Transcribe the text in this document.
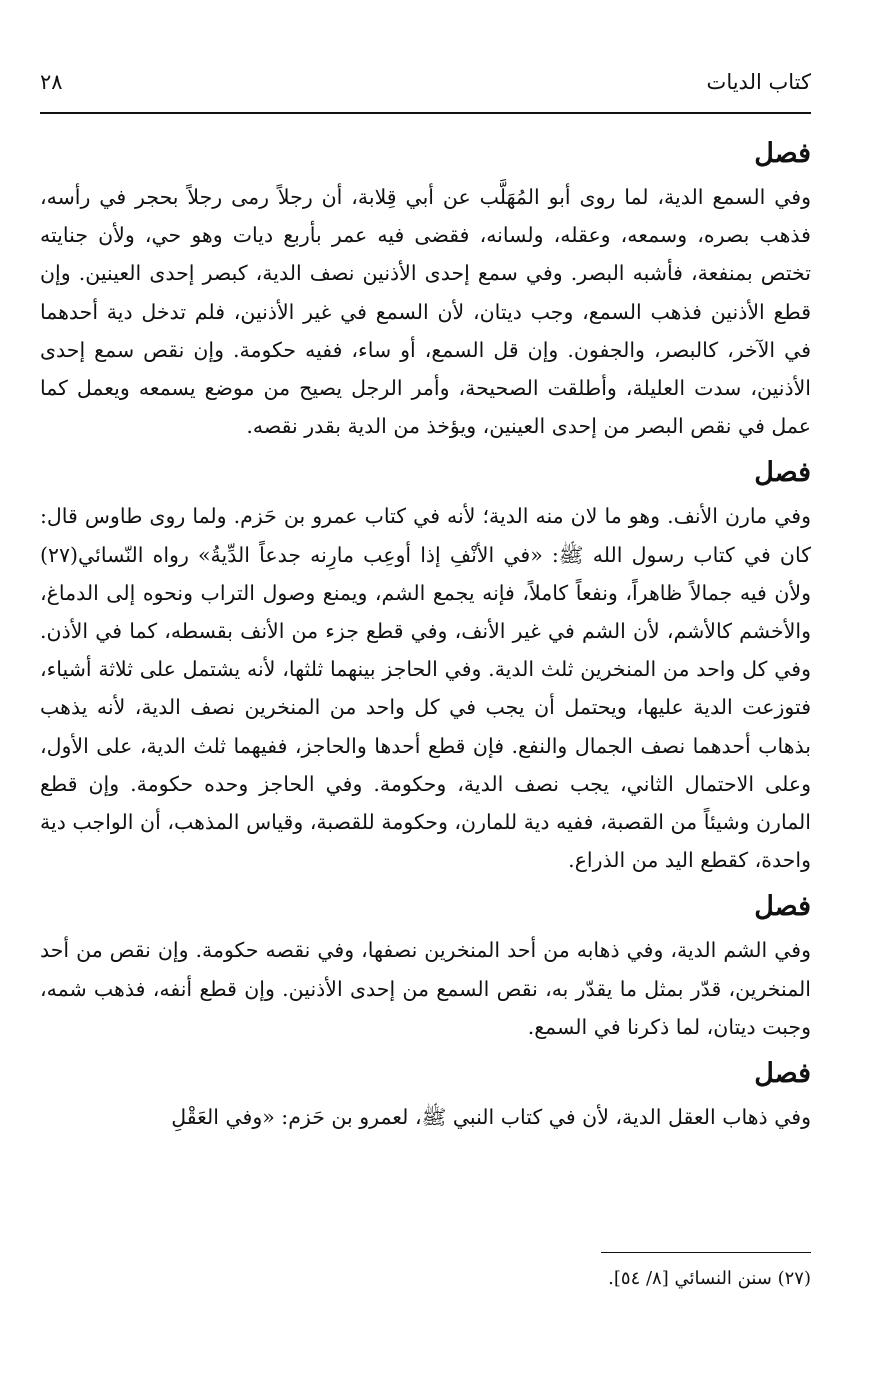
كتاب الديات
٢٨
فصل

وفي السمع الدية، لما روى أبو المُهَلَّب عن أبي قِلابة، أن رجلاً رمى رجلاً بحجر في رأسه، فذهب بصره، وسمعه، وعقله، ولسانه، فقضى فيه عمر بأربع ديات وهو حي، ولأن جنايته تختص بمنفعة، فأشبه البصر. وفي سمع إحدى الأذنين نصف الدية، كبصر إحدى العينين. وإن قطع الأذنين فذهب السمع، وجب ديتان، لأن السمع في غير الأذنين، فلم تدخل دية أحدهما في الآخر، كالبصر، والجفون. وإن قل السمع، أو ساء، ففيه حكومة. وإن نقص سمع إحدى الأذنين، سدت العليلة، وأطلقت الصحيحة، وأمر الرجل يصيح من موضع يسمعه ويعمل كما عمل في نقص البصر من إحدى العينين، ويؤخذ من الدية بقدر نقصه.

فصل

وفي مارن الأنف. وهو ما لان منه الدية؛ لأنه في كتاب عمرو بن حَزم. ولما روى طاوس قال: كان في كتاب رسول الله ﷺ: «في الأنْفِ إذا أوعِب مارِنه جدعاً الدِّيةُ» رواه النّسائي(٢٧) ولأن فيه جمالاً ظاهراً، ونفعاً كاملاً، فإنه يجمع الشم، ويمنع وصول التراب ونحوه إلى الدماغ، والأخشم كالأشم، لأن الشم في غير الأنف، وفي قطع جزء من الأنف بقسطه، كما في الأذن. وفي كل واحد من المنخرين ثلث الدية. وفي الحاجز بينهما ثلثها، لأنه يشتمل على ثلاثة أشياء، فتوزعت الدية عليها، ويحتمل أن يجب في كل واحد من المنخرين نصف الدية، لأنه يذهب بذهاب أحدهما نصف الجمال والنفع. فإن قطع أحدها والحاجز، ففيهما ثلث الدية، على الأول، وعلى الاحتمال الثاني، يجب نصف الدية، وحكومة. وفي الحاجز وحده حكومة. وإن قطع المارن وشيئاً من القصبة، ففيه دية للمارن، وحكومة للقصبة، وقياس المذهب، أن الواجب دية واحدة، كقطع اليد من الذراع.

فصل

وفي الشم الدية، وفي ذهابه من أحد المنخرين نصفها، وفي نقصه حكومة. وإن نقص من أحد المنخرين، قدّر بمثل ما يقدّر به، نقص السمع من إحدى الأذنين. وإن قطع أنفه، فذهب شمه، وجبت ديتان، لما ذكرنا في السمع.

فصل

وفي ذهاب العقل الدية، لأن في كتاب النبي ﷺ، لعمرو بن حَزم: «وفي العَقْلِ

(٢٧) سنن النسائي [٨/ ٥٤].
